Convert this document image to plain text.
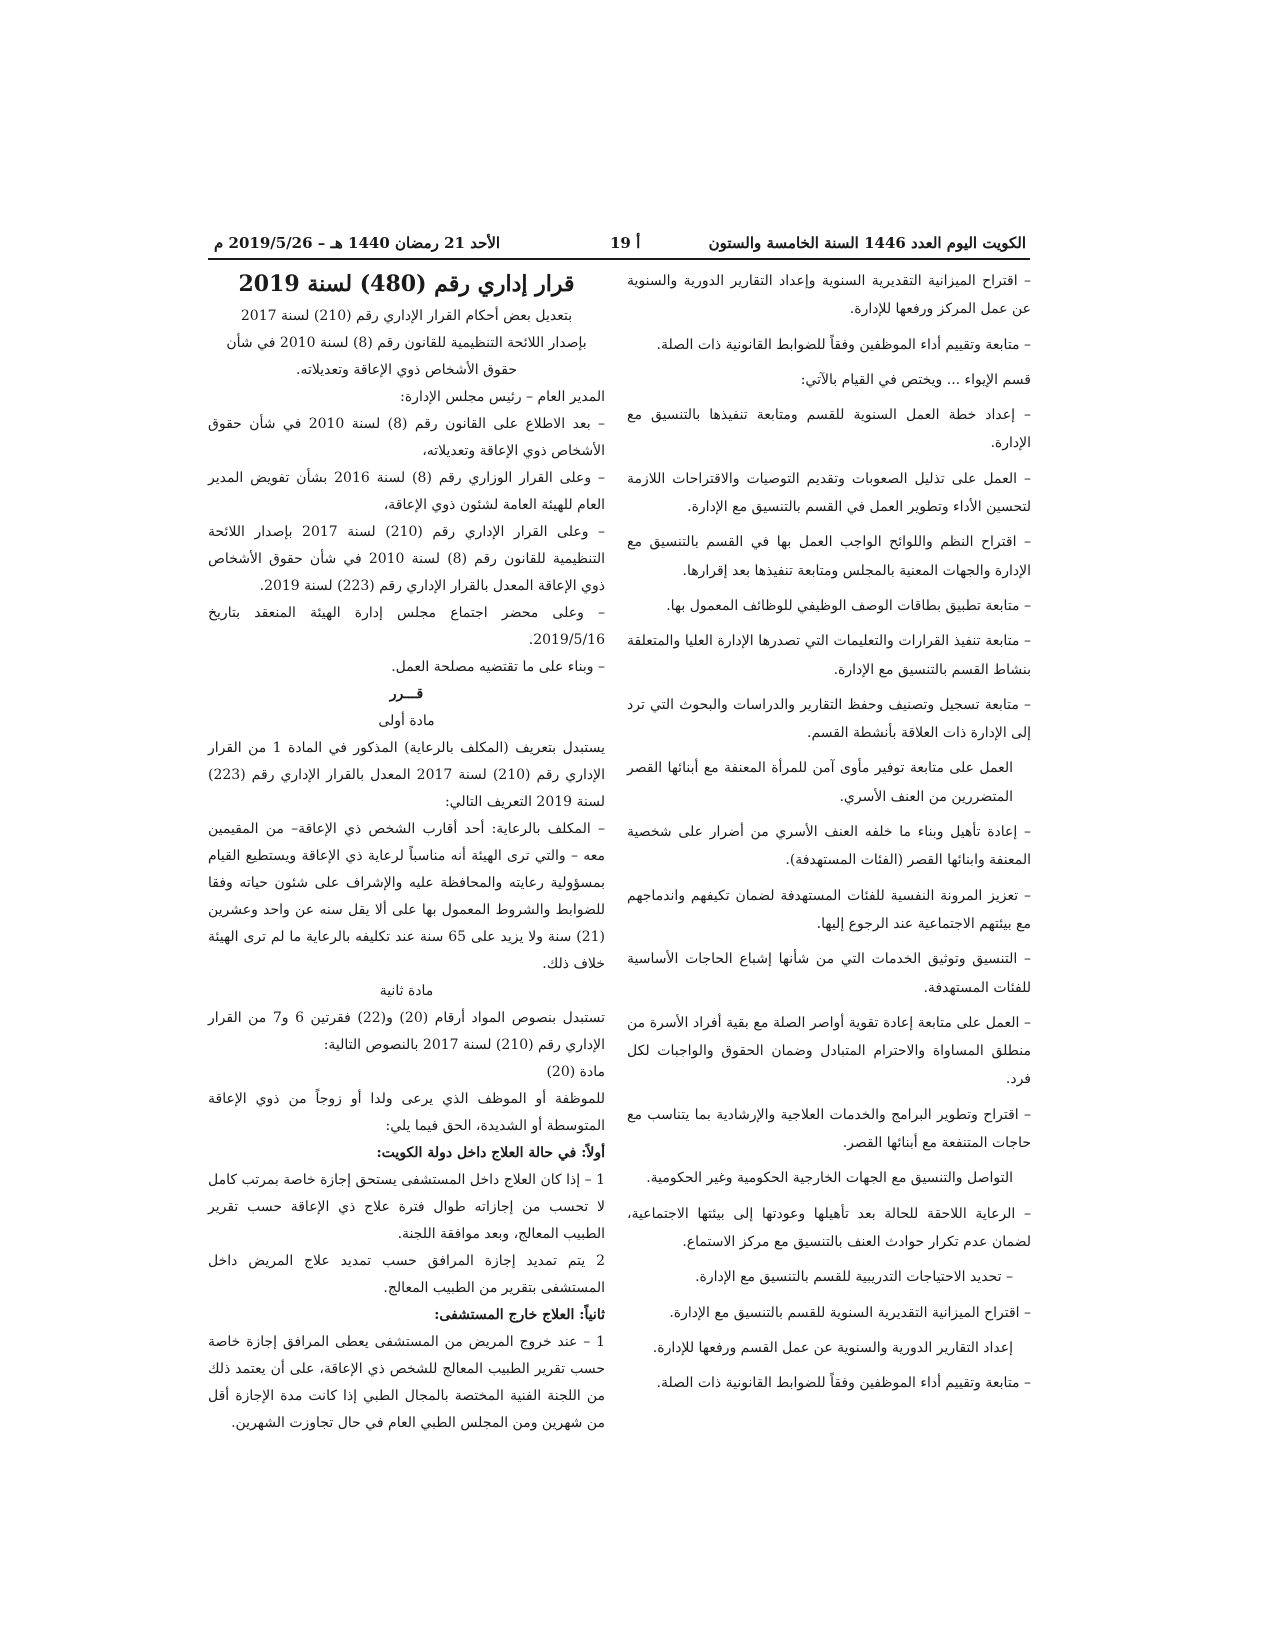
الأحد 21 رمضان 1440 هـ – 2019/5/26 م	أ 19	الكويت اليوم العدد 1446 السنة الخامسة والستون

– اقتراح الميزانية التقديرية السنوية وإعداد التقارير الدورية والسنوية عن عمل المركز ورفعها للإدارة.

– متابعة وتقييم أداء الموظفين وفقاً للضوابط القانونية ذات الصلة.

قسم الإيواء ... ويختص في القيام بالآتي:

– إعداد خطة العمل السنوية للقسم ومتابعة تنفيذها بالتنسيق مع الإدارة.

– العمل على تذليل الصعوبات وتقديم التوصيات والاقتراحات اللازمة لتحسين الأداء وتطوير العمل في القسم بالتنسيق مع الإدارة.

– اقتراح النظم واللوائح الواجب العمل بها في القسم بالتنسيق مع الإدارة والجهات المعنية بالمجلس ومتابعة تنفيذها بعد إقرارها.

– متابعة تطبيق بطاقات الوصف الوظيفي للوظائف المعمول بها.

– متابعة تنفيذ القرارات والتعليمات التي تصدرها الإدارة العليا والمتعلقة بنشاط القسم بالتنسيق مع الإدارة.

– متابعة تسجيل وتصنيف وحفظ التقارير والدراسات والبحوث التي ترد إلى الإدارة ذات العلاقة بأنشطة القسم.

العمل على متابعة توفير مأوى آمن للمرأة المعنفة مع أبنائها القصر المتضررين من العنف الأسري.

– إعادة تأهيل وبناء ما خلفه العنف الأسري من أضرار على شخصية المعنفة وابنائها القصر (الفئات المستهدفة).

– تعزيز المرونة النفسية للفئات المستهدفة لضمان تكيفهم واندماجهم مع بيئتهم الاجتماعية عند الرجوع إليها.

– التنسيق وتوثيق الخدمات التي من شأنها إشباع الحاجات الأساسية للفئات المستهدفة.

– العمل على متابعة إعادة تقوية أواصر الصلة مع بقية أفراد الأسرة من منطلق المساواة والاحترام المتبادل وضمان الحقوق والواجبات لكل فرد.

– اقتراح وتطوير البرامج والخدمات العلاجية والإرشادية بما يتناسب مع حاجات المتنفعة مع أبنائها القصر.

التواصل والتنسيق مع الجهات الخارجية الحكومية وغير الحكومية.

– الرعاية اللاحقة للحالة بعد تأهيلها وعودتها إلى بيئتها الاجتماعية، لضمان عدم تكرار حوادث العنف بالتنسيق مع مركز الاستماع.

– تحديد الاحتياجات التدريبية للقسم بالتنسيق مع الإدارة.

– اقتراح الميزانية التقديرية السنوية للقسم بالتنسيق مع الإدارة.

إعداد التقارير الدورية والسنوية عن عمل القسم ورفعها للإدارة.

– متابعة وتقييم أداء الموظفين وفقاً للضوابط القانونية ذات الصلة.

قرار إداري رقم (480) لسنة 2019

بتعديل بعض أحكام القرار الإداري رقم (210) لسنة 2017

بإصدار اللائحة التنظيمية للقانون رقم (8) لسنة 2010 في شأن

حقوق الأشخاص ذوي الإعاقة وتعديلاته.

المدير العام – رئيس مجلس الإدارة:

– بعد الاطلاع على القانون رقم (8) لسنة 2010 في شأن حقوق الأشخاص ذوي الإعاقة وتعديلاته،

– وعلى القرار الوزاري رقم (8) لسنة 2016 بشأن تفويض المدير العام للهيئة العامة لشئون ذوي الإعاقة،

– وعلى القرار الإداري رقم (210) لسنة 2017 بإصدار اللائحة التنظيمية للقانون رقم (8) لسنة 2010 في شأن حقوق الأشخاص ذوي الإعاقة المعدل بالقرار الإداري رقم (223) لسنة 2019.

– وعلى محضر اجتماع مجلس إدارة الهيئة المنعقد بتاريخ 2019/5/16.

– وبناء على ما تقتضيه مصلحة العمل.

قـــرر

مادة أولى

يستبدل بتعريف (المكلف بالرعاية) المذكور في المادة 1 من القرار الإداري رقم (210) لسنة 2017 المعدل بالقرار الإداري رقم (223) لسنة 2019 التعريف التالي:

– المكلف بالرعاية: أحد أقارب الشخص ذي الإعاقة– من المقيمين معه – والتي ترى الهيئة أنه مناسباً لرعاية ذي الإعاقة ويستطيع القيام بمسؤولية رعايته والمحافظة عليه والإشراف على شئون حياته وفقا للضوابط والشروط المعمول بها على ألا يقل سنه عن واحد وعشرين (21) سنة ولا يزيد على 65 سنة عند تكليفه بالرعاية ما لم ترى الهيئة خلاف ذلك.

مادة ثانية

تستبدل بنصوص المواد أرقام (20) و(22) فقرتين 6 و7 من القرار الإداري رقم (210) لسنة 2017 بالنصوص التالية:

مادة (20)

للموظفة أو الموظف الذي يرعى ولدا أو زوجاً من ذوي الإعاقة المتوسطة أو الشديدة، الحق فيما يلي:

أولاً: في حالة العلاج داخل دولة الكويت:

1 – إذا كان العلاج داخل المستشفى يستحق إجازة خاصة بمرتب كامل لا تحسب من إجازاته طوال فترة علاج ذي الإعاقة حسب تقرير الطبيب المعالج، وبعد موافقة اللجنة.

2 يتم تمديد إجازة المرافق حسب تمديد علاج المريض داخل المستشفى بتقرير من الطبيب المعالج.

ثانياً: العلاج خارج المستشفى:

1 – عند خروج المريض من المستشفى يعطى المرافق إجازة خاصة حسب تقرير الطبيب المعالج للشخص ذي الإعاقة، على أن يعتمد ذلك من اللجنة الفنية المختصة بالمجال الطبي إذا كانت مدة الإجازة أقل من شهرين ومن المجلس الطبي العام في حال تجاوزت الشهرين.
